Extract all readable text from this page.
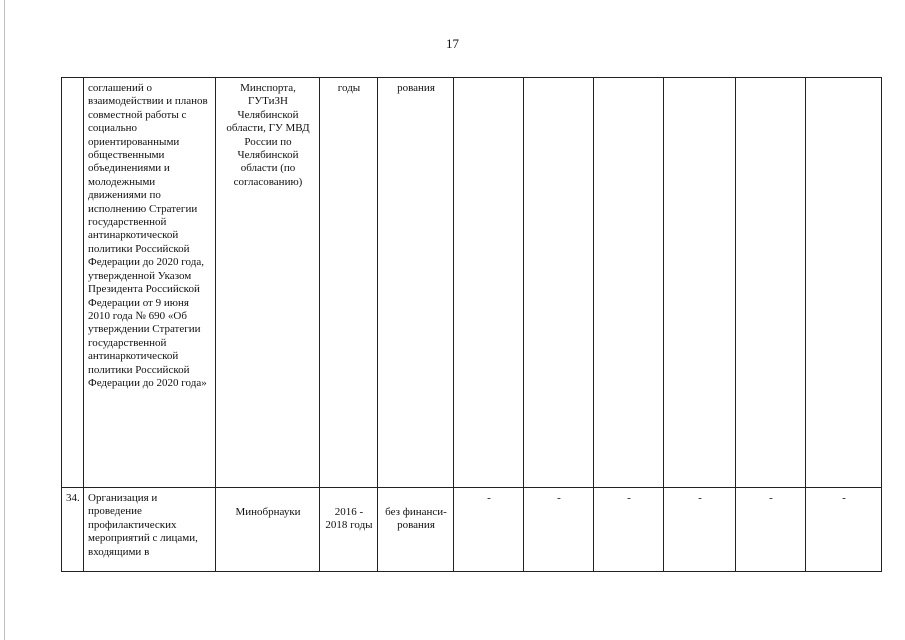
17
	соглашений о взаимодействии и планов совместной работы с социально ориентированными общественными объединениями и молодежными движениями по исполнению Стратегии государственной антинаркотической политики Российской Федерации до 2020 года, утвержденной Указом Президента Российской Федерации от 9 июня 2010 года № 690 «Об утверждении Стратегии государственной антинаркотической политики Российской Федерации до 2020 года»	Минспорта, ГУТиЗН Челябинской области, ГУ МВД России по Челябинской области (по согласованию)	годы	рования						
34.	Организация и проведение профилактических мероприятий с лицами, входящими в	Минобрнауки	2016 - 2018 годы	без финанси- рования	-	-	-	-	-	-
